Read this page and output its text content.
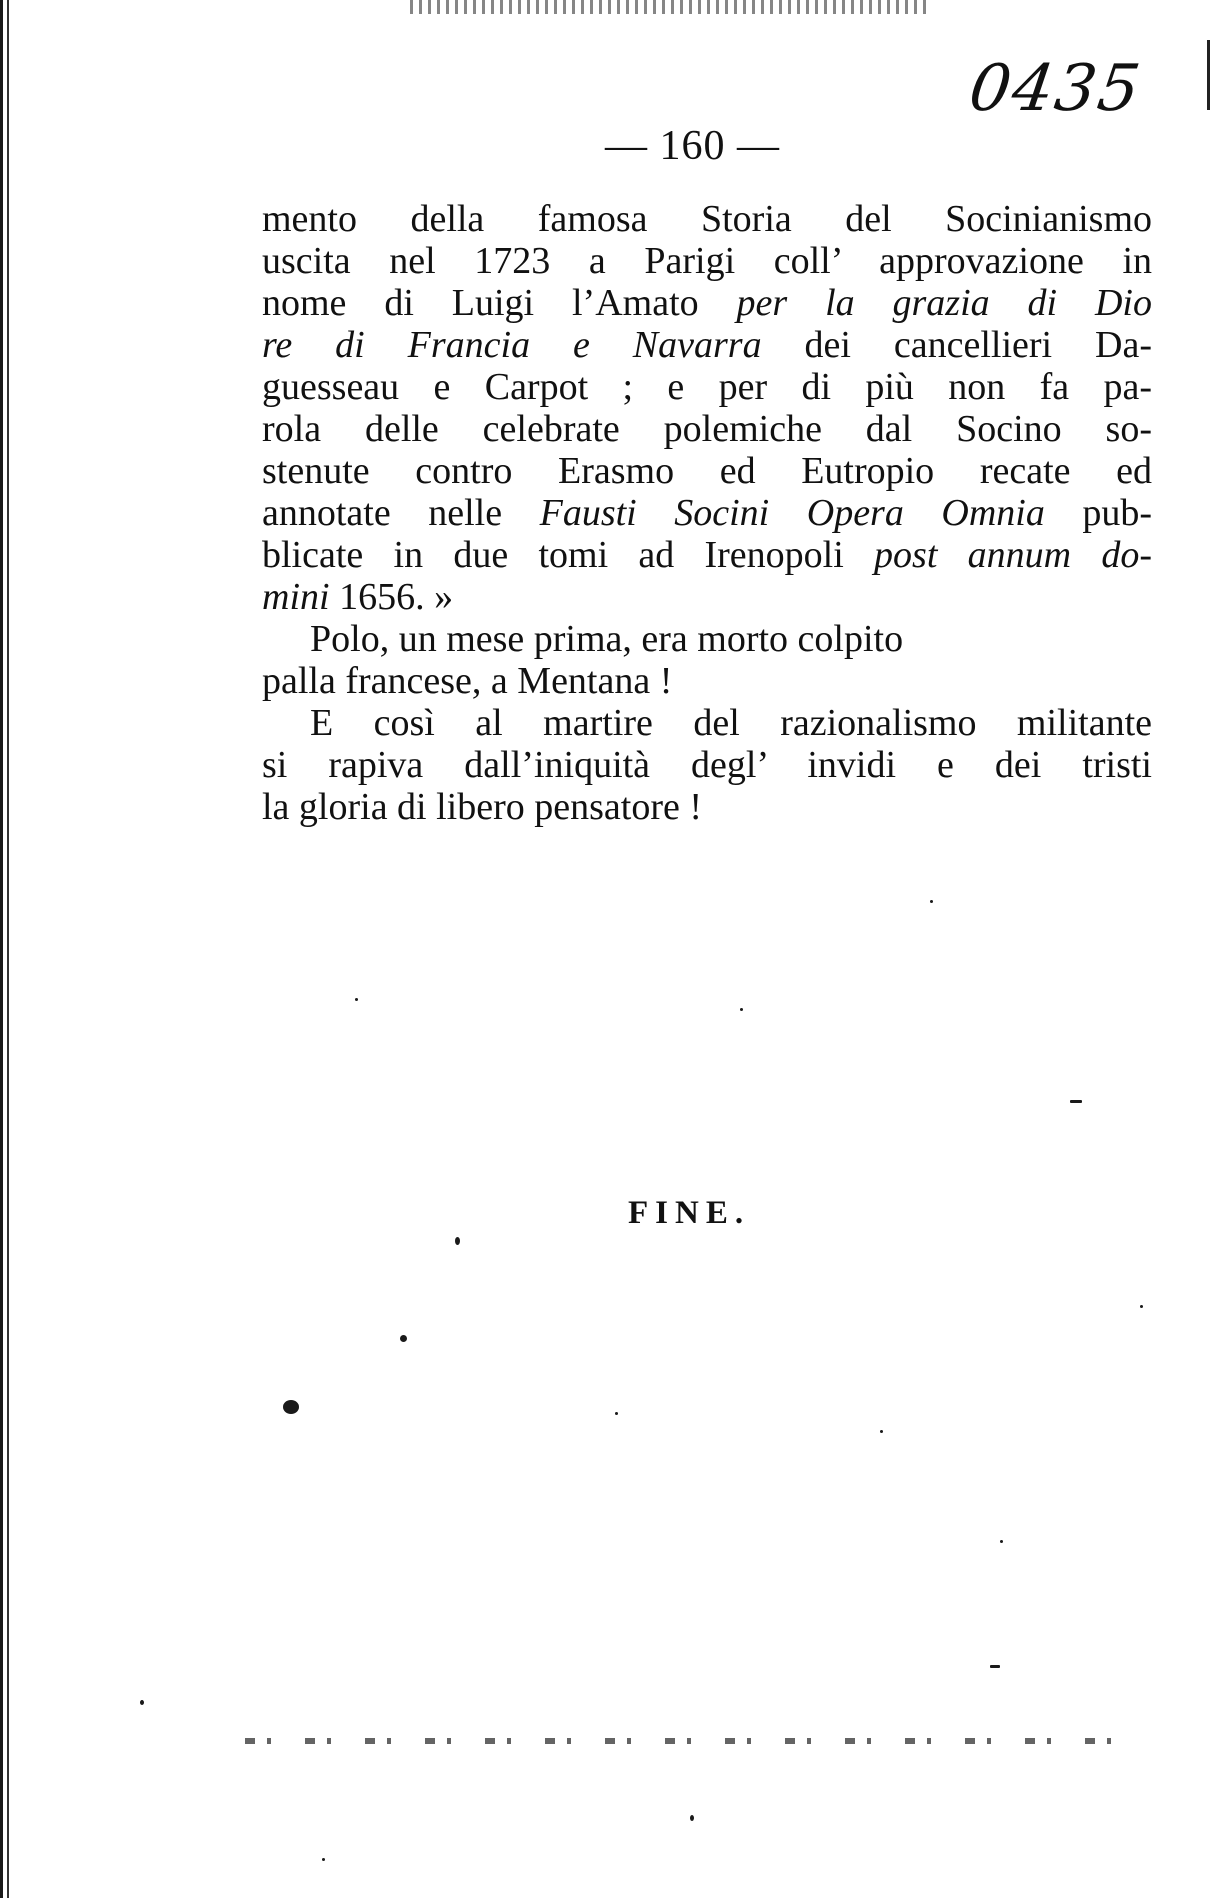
0435
— 160 —
mento della famosa Storia del Socinianismo
uscita nel 1723 a Parigi coll’ approvazione in
nome di Luigi l’Amato per la grazia di Dio
re di Francia e Navarra dei cancellieri Da-
guesseau e Carpot ; e per di più non fa pa-
rola delle celebrate polemiche dal Socino so-
stenute contro Erasmo ed Eutropio recate ed
annotate nelle Fausti Socini Opera Omnia pub-
blicate in due tomi ad Irenopoli post annum do-
mini 1656. »
Polo, un mese prima, era morto colpito
palla francese, a Mentana !
E così al martire del razionalismo militante
si rapiva dall’iniquità degl’ invidi e dei tristi
la gloria di libero pensatore !
FINE.
